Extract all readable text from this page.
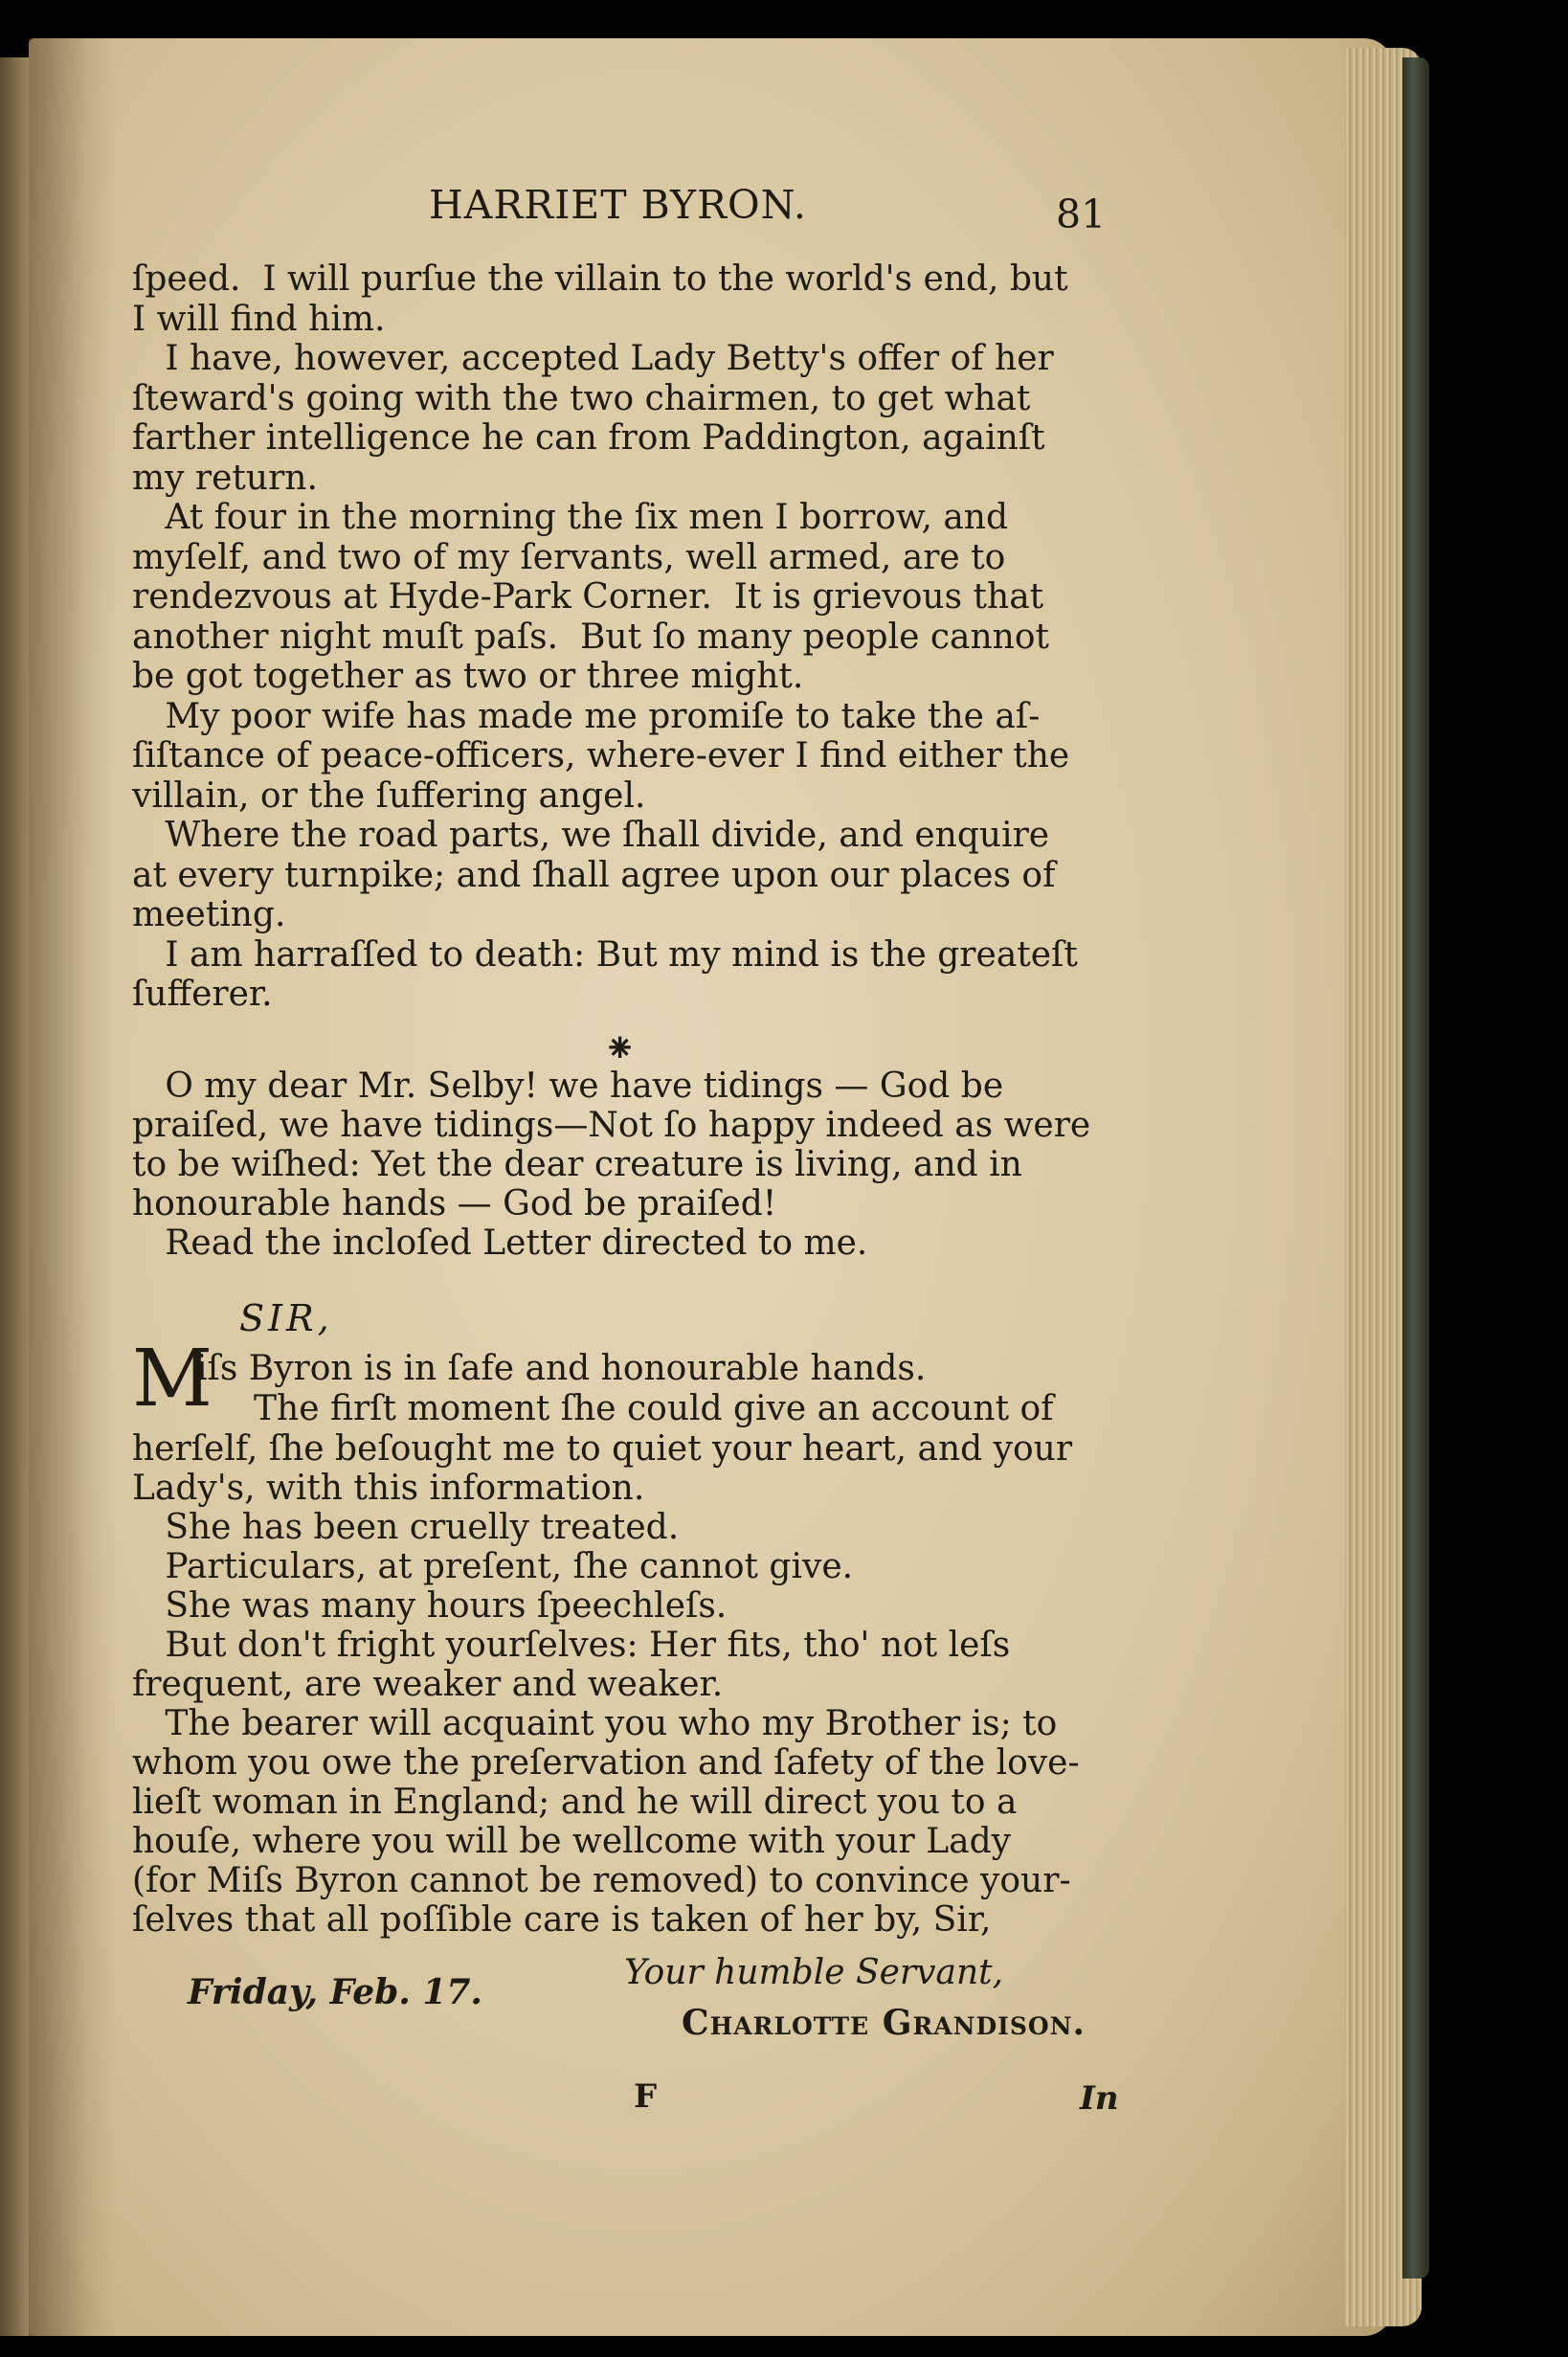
HARRIET BYRON.	81
ſpeed.  I will purſue the villain to the world's end, but
I will find him.
I have, however, accepted Lady Betty's offer of her
ſteward's going with the two chairmen, to get what
farther intelligence he can from Paddington, againſt
my return.
At four in the morning the ſix men I borrow, and
myſelf, and two of my ſervants, well armed, are to
rendezvous at Hyde-Park Corner.  It is grievous that
another night muſt paſs.  But ſo many people cannot
be got together as two or three might.
My poor wife has made me promiſe to take the aſ-
ſiſtance of peace-officers, where-ever I find either the
villain, or the ſuffering angel.
Where the road parts, we ſhall divide, and enquire
at every turnpike; and ſhall agree upon our places of
meeting.
I am harraſſed to death: But my mind is the greateſt
ſufferer.
⁕
O my dear Mr. Selby! we have tidings — God be
praiſed, we have tidings—Not ſo happy indeed as were
to be wiſhed: Yet the dear creature is living, and in
honourable hands — God be praiſed!
Read the incloſed Letter directed to me.
SIR,
M
iſs Byron is in ſafe and honourable hands.
The firſt moment ſhe could give an account of
herſelf, ſhe beſought me to quiet your heart, and your
Lady's, with this information.
She has been cruelly treated.
Particulars, at preſent, ſhe cannot give.
She was many hours ſpeechleſs.
But don't fright yourſelves: Her fits, tho' not leſs
frequent, are weaker and weaker.
The bearer will acquaint you who my Brother is; to
whom you owe the preſervation and ſafety of the love-
lieſt woman in England; and he will direct you to a
houſe, where you will be wellcome with your Lady
(for Miſs Byron cannot be removed) to convince your-
ſelves that all poſſible care is taken of her by, Sir,
Friday, Feb. 17.	Your humble Servant,
Charlotte Grandison.
F	In
